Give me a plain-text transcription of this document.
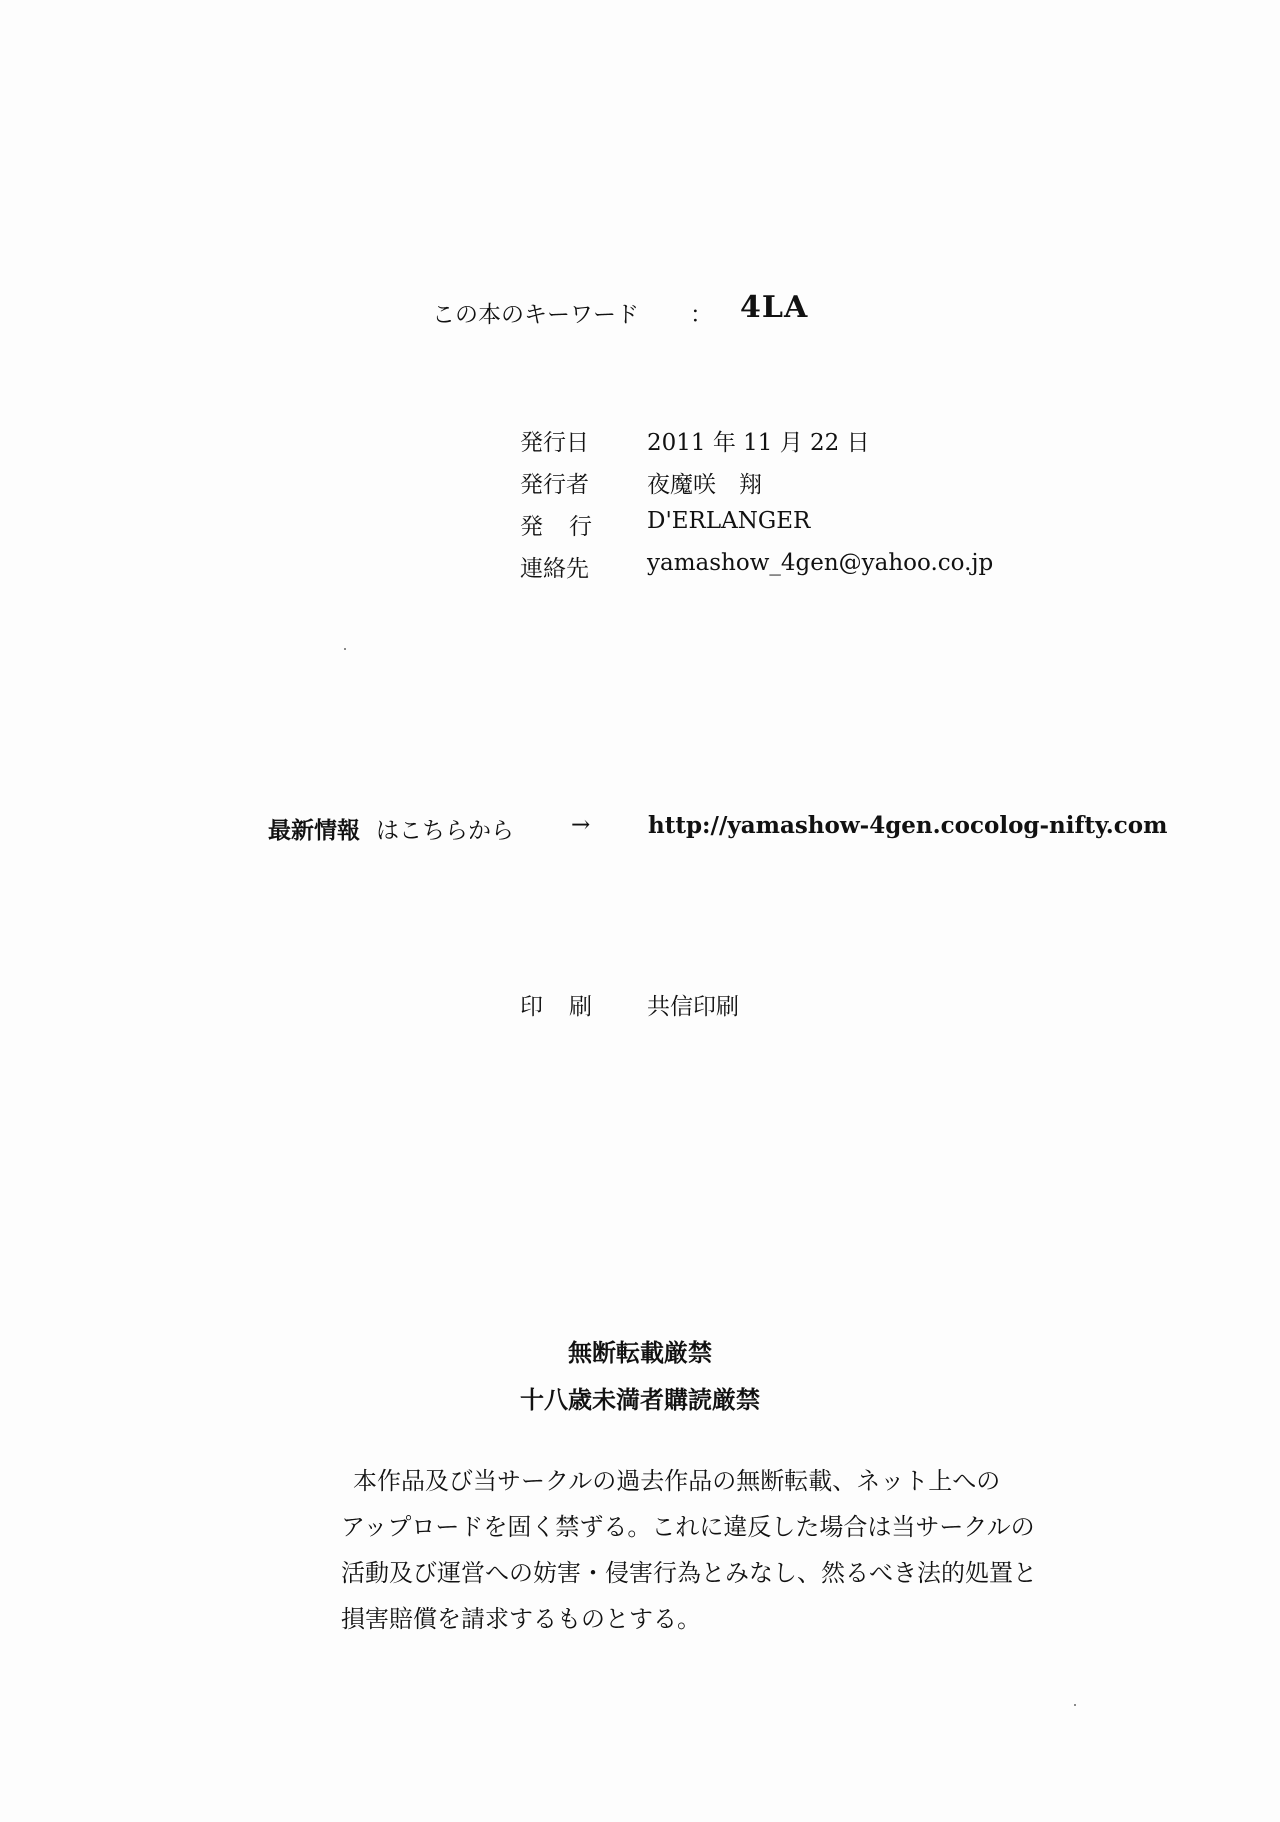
この本のキーワード ： 4LA
発行日	2011 年 11 月 22 日
発行者	夜魔咲　翔
発行 D'ERLANGER
連絡先	yamashow_4gen@yahoo.co.jp
最新情報 はこちらから →	http://yamashow-4gen.cocolog-nifty.com
印刷 共信印刷
無断転載厳禁
十八歳未満者購読厳禁
本作品及び当サークルの過去作品の無断転載、ネット上への
アップロードを固く禁ずる。これに違反した場合は当サークルの
活動及び運営への妨害・侵害行為とみなし、然るべき法的処置と
損害賠償を請求するものとする。
